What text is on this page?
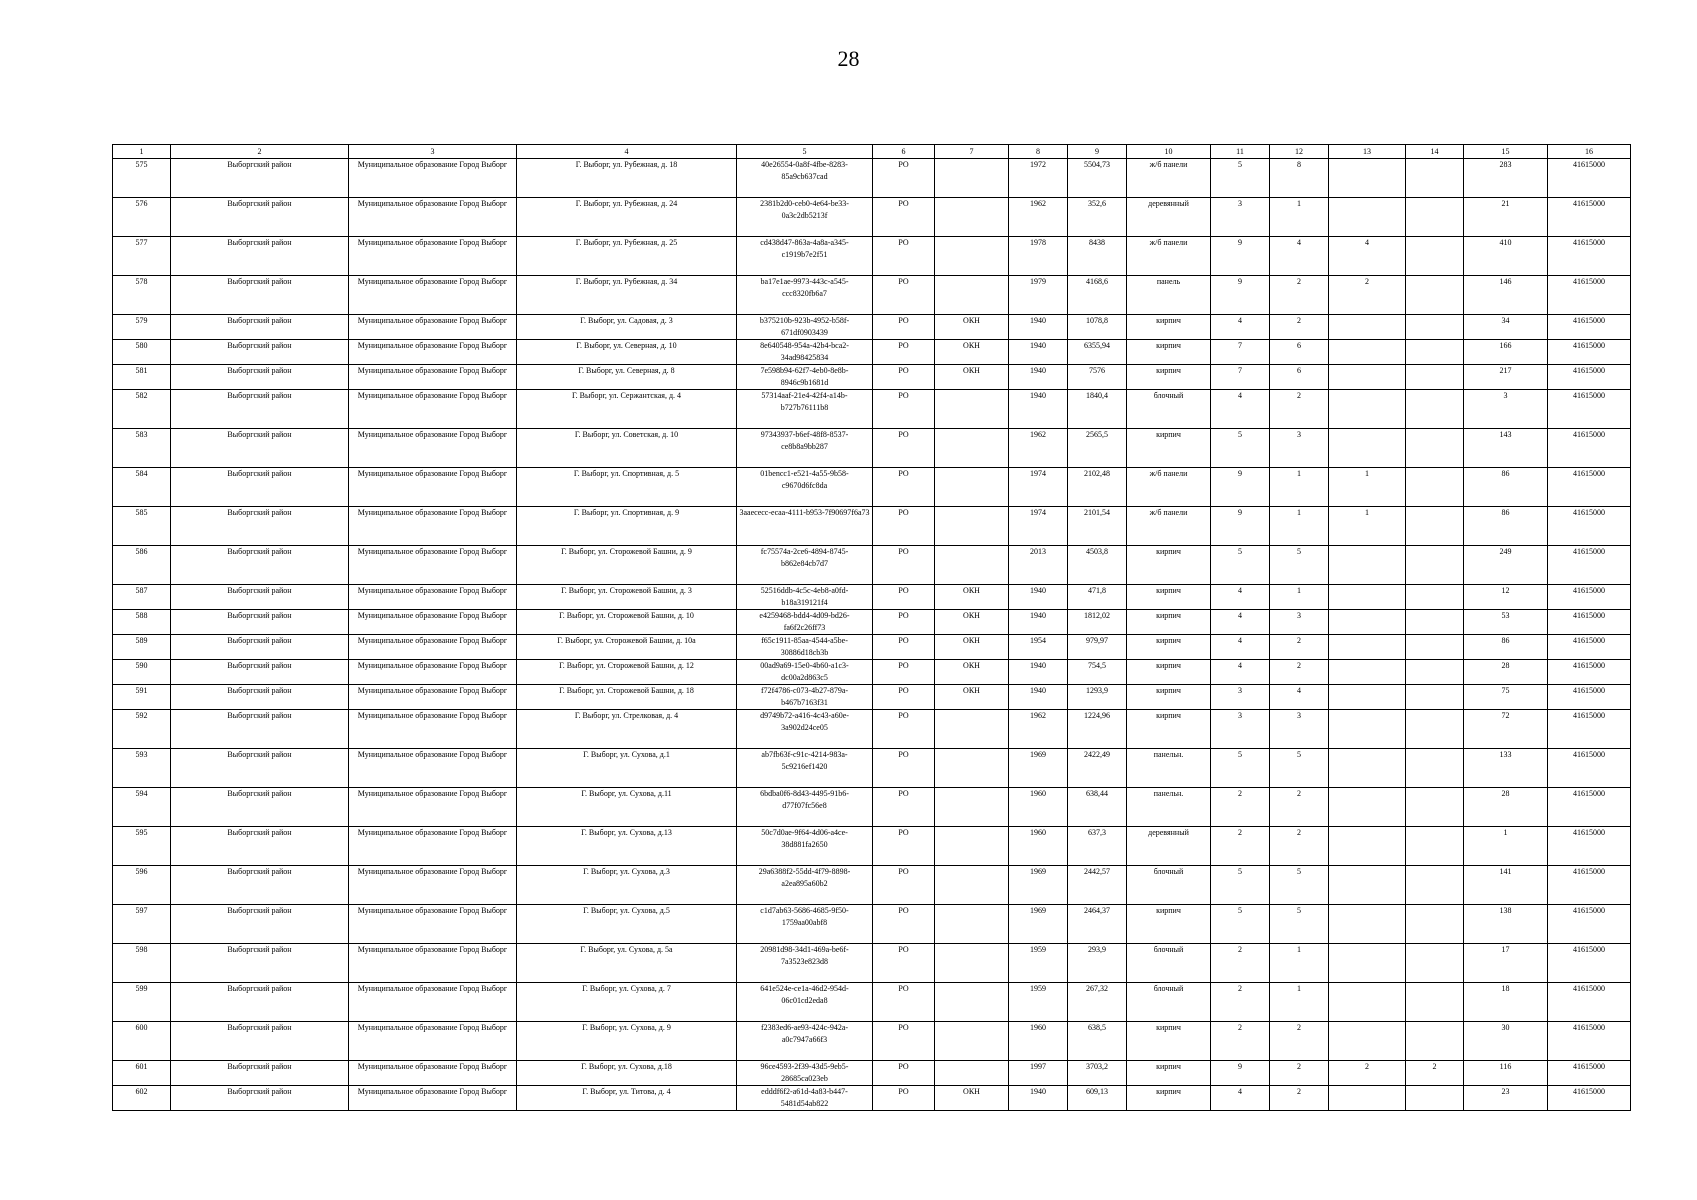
28
1	2	3	4	5	6	7	8	9	10	11	12	13	14	15	16
575	Выборгский район	Муниципальное образование Город Выборг	Г. Выборг, ул. Рубежная, д. 18	40e26554-0a8f-4fbe-8283-85a9cb637cad	РО		1972	5504,73	ж/б панели	5	8			283	41615000
576	Выборгский район	Муниципальное образование Город Выборг	Г. Выборг, ул. Рубежная, д. 24	2381b2d0-ceb0-4e64-be33-0a3c2db5213f	РО		1962	352,6	деревянный	3	1			21	41615000
577	Выборгский район	Муниципальное образование Город Выборг	Г. Выборг, ул. Рубежная, д. 25	cd438d47-863a-4a8a-a345-c1919b7e2f51	РО		1978	8438	ж/б панели	9	4	4		410	41615000
578	Выборгский район	Муниципальное образование Город Выборг	Г. Выборг, ул. Рубежная, д. 34	ba17e1ae-9973-443c-a545-ccc8320fb6a7	РО		1979	4168,6	панель	9	2	2		146	41615000
579	Выборгский район	Муниципальное образование Город Выборг	Г. Выборг, ул. Садовая, д. 3	b375210b-923b-4952-b58f-671df0903439	РО	ОКН	1940	1078,8	кирпич	4	2			34	41615000
580	Выборгский район	Муниципальное образование Город Выборг	Г. Выборг, ул. Северная, д. 10	8e640548-954a-42b4-bca2-34ad98425834	РО	ОКН	1940	6355,94	кирпич	7	6			166	41615000
581	Выборгский район	Муниципальное образование Город Выборг	Г. Выборг, ул. Северная, д. 8	7e598b94-62f7-4eb0-8e8b-8946c9b1681d	РО	ОКН	1940	7576	кирпич	7	6			217	41615000
582	Выборгский район	Муниципальное образование Город Выборг	Г. Выборг, ул. Сержантская, д. 4	57314aaf-21e4-42f4-a14b-b727b76111b8	РО		1940	1840,4	блочный	4	2			3	41615000
583	Выборгский район	Муниципальное образование Город Выборг	Г. Выборг, ул. Советская, д. 10	97343937-b6ef-48f8-8537-ce8b8a9bb287	РО		1962	2565,5	кирпич	5	3			143	41615000
584	Выборгский район	Муниципальное образование Город Выборг	Г. Выборг, ул. Спортивная, д. 5	01bencc1-e521-4a55-9b58-c9670d6fc8da	РО		1974	2102,48	ж/б панели	9	1	1		86	41615000
585	Выборгский район	Муниципальное образование Город Выборг	Г. Выборг, ул. Спортивная, д. 9	3aaececc-ecaa-4111-b953-7f90697f6a73	РО		1974	2101,54	ж/б панели	9	1	1		86	41615000
586	Выборгский район	Муниципальное образование Город Выборг	Г. Выборг, ул. Сторожевой Башни, д. 9	fc75574a-2ce6-4894-8745-b862e84cb7d7	РО		2013	4503,8	кирпич	5	5			249	41615000
587	Выборгский район	Муниципальное образование Город Выборг	Г. Выборг, ул. Сторожевой Башни, д. 3	52516ddb-4c5c-4eb8-a0fd-b18a319121f4	РО	ОКН	1940	471,8	кирпич	4	1			12	41615000
588	Выборгский район	Муниципальное образование Город Выборг	Г. Выборг, ул. Сторожевой Башни, д. 10	e4259468-bdd4-4d09-bd26-fa6f2c26ff73	РО	ОКН	1940	1812,02	кирпич	4	3			53	41615000
589	Выборгский район	Муниципальное образование Город Выборг	Г. Выборг, ул. Сторожевой Башни, д. 10а	f65c1911-85aa-4544-a5be-30886d18cb3b	РО	ОКН	1954	979,97	кирпич	4	2			86	41615000
590	Выборгский район	Муниципальное образование Город Выборг	Г. Выборг, ул. Сторожевой Башни, д. 12	00ad9a69-15e0-4b60-a1c3-dc00a2d863c5	РО	ОКН	1940	754,5	кирпич	4	2			28	41615000
591	Выборгский район	Муниципальное образование Город Выборг	Г. Выборг, ул. Сторожевой Башни, д. 18	f72f4786-c073-4b27-879a-b467b7163f31	РО	ОКН	1940	1293,9	кирпич	3	4			75	41615000
592	Выборгский район	Муниципальное образование Город Выборг	Г. Выборг, ул. Стрелковая, д. 4	d9749b72-a416-4c43-a60e-3a902d24ce05	РО		1962	1224,96	кирпич	3	3			72	41615000
593	Выборгский район	Муниципальное образование Город Выборг	Г. Выборг, ул. Сухова, д.1	ab7fb63f-c91c-4214-983a-5c9216ef1420	РО		1969	2422,49	панельн.	5	5			133	41615000
594	Выборгский район	Муниципальное образование Город Выборг	Г. Выборг, ул. Сухова, д.11	6bdba0f6-8d43-4495-91b6-d77f07fc56e8	РО		1960	638,44	панельн.	2	2			28	41615000
595	Выборгский район	Муниципальное образование Город Выборг	Г. Выборг, ул. Сухова, д.13	50c7d0ae-9f64-4d06-a4ce-38d881fa2650	РО		1960	637,3	деревянный	2	2			1	41615000
596	Выборгский район	Муниципальное образование Город Выборг	Г. Выборг, ул. Сухова, д.3	29a6388f2-55dd-4f79-8898-a2ea895a60b2	РО		1969	2442,57	блочный	5	5			141	41615000
597	Выборгский район	Муниципальное образование Город Выборг	Г. Выборг, ул. Сухова, д.5	c1d7ab63-5686-4685-9f50-1759aa00abf8	РО		1969	2464,37	кирпич	5	5			138	41615000
598	Выборгский район	Муниципальное образование Город Выборг	Г. Выборг, ул. Сухова, д. 5а	20981d98-34d1-469a-be6f-7a3523e823d8	РО		1959	293,9	блочный	2	1			17	41615000
599	Выборгский район	Муниципальное образование Город Выборг	Г. Выборг, ул. Сухова, д. 7	641e524e-ce1a-46d2-954d-06c01cd2eda8	РО		1959	267,32	блочный	2	1			18	41615000
600	Выборгский район	Муниципальное образование Город Выборг	Г. Выборг, ул. Сухова, д. 9	f2383ed6-ae93-424c-942a-a0c7947a66f3	РО		1960	638,5	кирпич	2	2			30	41615000
601	Выборгский район	Муниципальное образование Город Выборг	Г. Выборг, ул. Сухова, д.18	96ce4593-2f39-43d5-9eb5-28685ca023eb	РО		1997	3703,2	кирпич	9	2	2	2	116	41615000
602	Выборгский район	Муниципальное образование Город Выборг	Г. Выборг, ул. Титова, д. 4	edddf6f2-a61d-4a83-b447-5481d54ab822	РО	ОКН	1940	609,13	кирпич	4	2			23	41615000
